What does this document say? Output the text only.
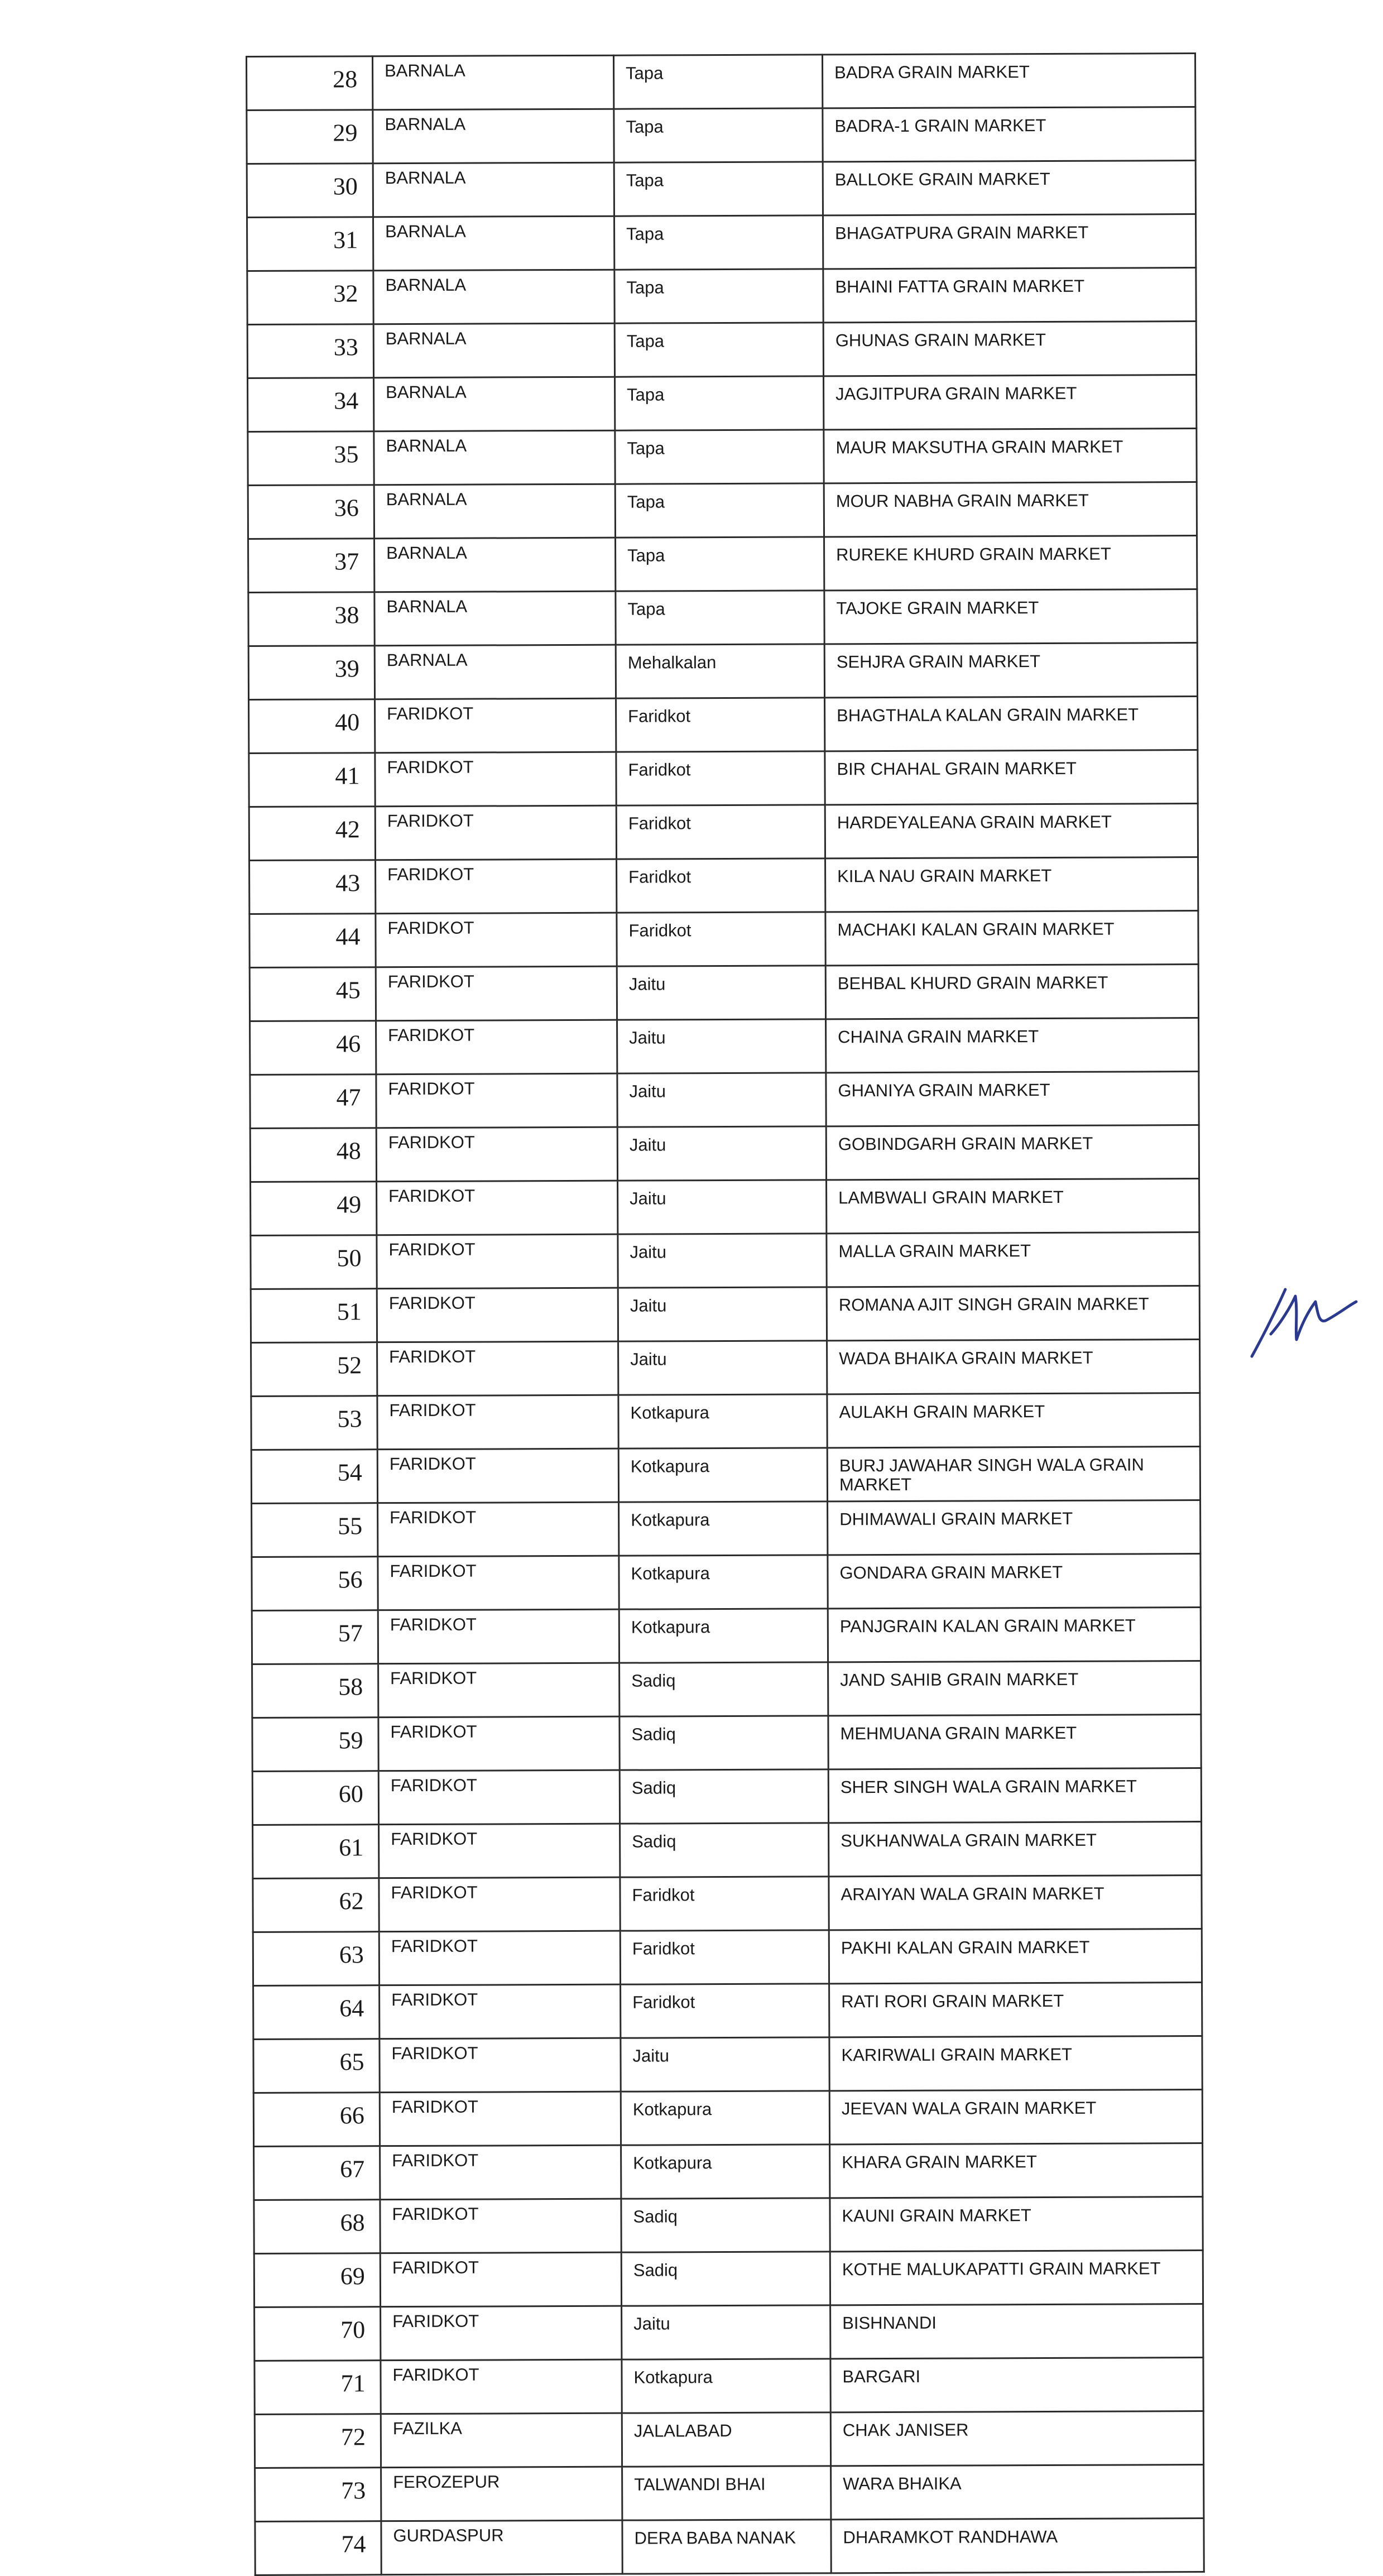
28	BARNALA	Tapa	BADRA GRAIN MARKET
29	BARNALA	Tapa	BADRA-1 GRAIN MARKET
30	BARNALA	Tapa	BALLOKE GRAIN MARKET
31	BARNALA	Tapa	BHAGATPURA GRAIN MARKET
32	BARNALA	Tapa	BHAINI FATTA GRAIN MARKET
33	BARNALA	Tapa	GHUNAS GRAIN MARKET
34	BARNALA	Tapa	JAGJITPURA GRAIN MARKET
35	BARNALA	Tapa	MAUR MAKSUTHA GRAIN MARKET
36	BARNALA	Tapa	MOUR NABHA GRAIN MARKET
37	BARNALA	Tapa	RUREKE KHURD GRAIN MARKET
38	BARNALA	Tapa	TAJOKE GRAIN MARKET
39	BARNALA	Mehalkalan	SEHJRA GRAIN MARKET
40	FARIDKOT	Faridkot	BHAGTHALA KALAN GRAIN MARKET
41	FARIDKOT	Faridkot	BIR CHAHAL GRAIN MARKET
42	FARIDKOT	Faridkot	HARDEYALEANA GRAIN MARKET
43	FARIDKOT	Faridkot	KILA NAU GRAIN MARKET
44	FARIDKOT	Faridkot	MACHAKI KALAN GRAIN MARKET
45	FARIDKOT	Jaitu	BEHBAL KHURD GRAIN MARKET
46	FARIDKOT	Jaitu	CHAINA GRAIN MARKET
47	FARIDKOT	Jaitu	GHANIYA GRAIN MARKET
48	FARIDKOT	Jaitu	GOBINDGARH GRAIN MARKET
49	FARIDKOT	Jaitu	LAMBWALI GRAIN MARKET
50	FARIDKOT	Jaitu	MALLA GRAIN MARKET
51	FARIDKOT	Jaitu	ROMANA AJIT SINGH GRAIN MARKET
52	FARIDKOT	Jaitu	WADA BHAIKA GRAIN MARKET
53	FARIDKOT	Kotkapura	AULAKH GRAIN MARKET
54	FARIDKOT	Kotkapura	BURJ JAWAHAR SINGH WALA GRAIN MARKET
55	FARIDKOT	Kotkapura	DHIMAWALI GRAIN MARKET
56	FARIDKOT	Kotkapura	GONDARA GRAIN MARKET
57	FARIDKOT	Kotkapura	PANJGRAIN KALAN GRAIN MARKET
58	FARIDKOT	Sadiq	JAND SAHIB GRAIN MARKET
59	FARIDKOT	Sadiq	MEHMUANA GRAIN MARKET
60	FARIDKOT	Sadiq	SHER SINGH WALA GRAIN MARKET
61	FARIDKOT	Sadiq	SUKHANWALA GRAIN MARKET
62	FARIDKOT	Faridkot	ARAIYAN WALA GRAIN MARKET
63	FARIDKOT	Faridkot	PAKHI KALAN GRAIN MARKET
64	FARIDKOT	Faridkot	RATI RORI GRAIN MARKET
65	FARIDKOT	Jaitu	KARIRWALI GRAIN MARKET
66	FARIDKOT	Kotkapura	JEEVAN WALA GRAIN MARKET
67	FARIDKOT	Kotkapura	KHARA GRAIN MARKET
68	FARIDKOT	Sadiq	KAUNI GRAIN MARKET
69	FARIDKOT	Sadiq	KOTHE MALUKAPATTI GRAIN MARKET
70	FARIDKOT	Jaitu	BISHNANDI
71	FARIDKOT	Kotkapura	BARGARI
72	FAZILKA	JALALABAD	CHAK JANISER
73	FEROZEPUR	TALWANDI BHAI	WARA BHAIKA
74	GURDASPUR	DERA BABA NANAK	DHARAMKOT RANDHAWA
